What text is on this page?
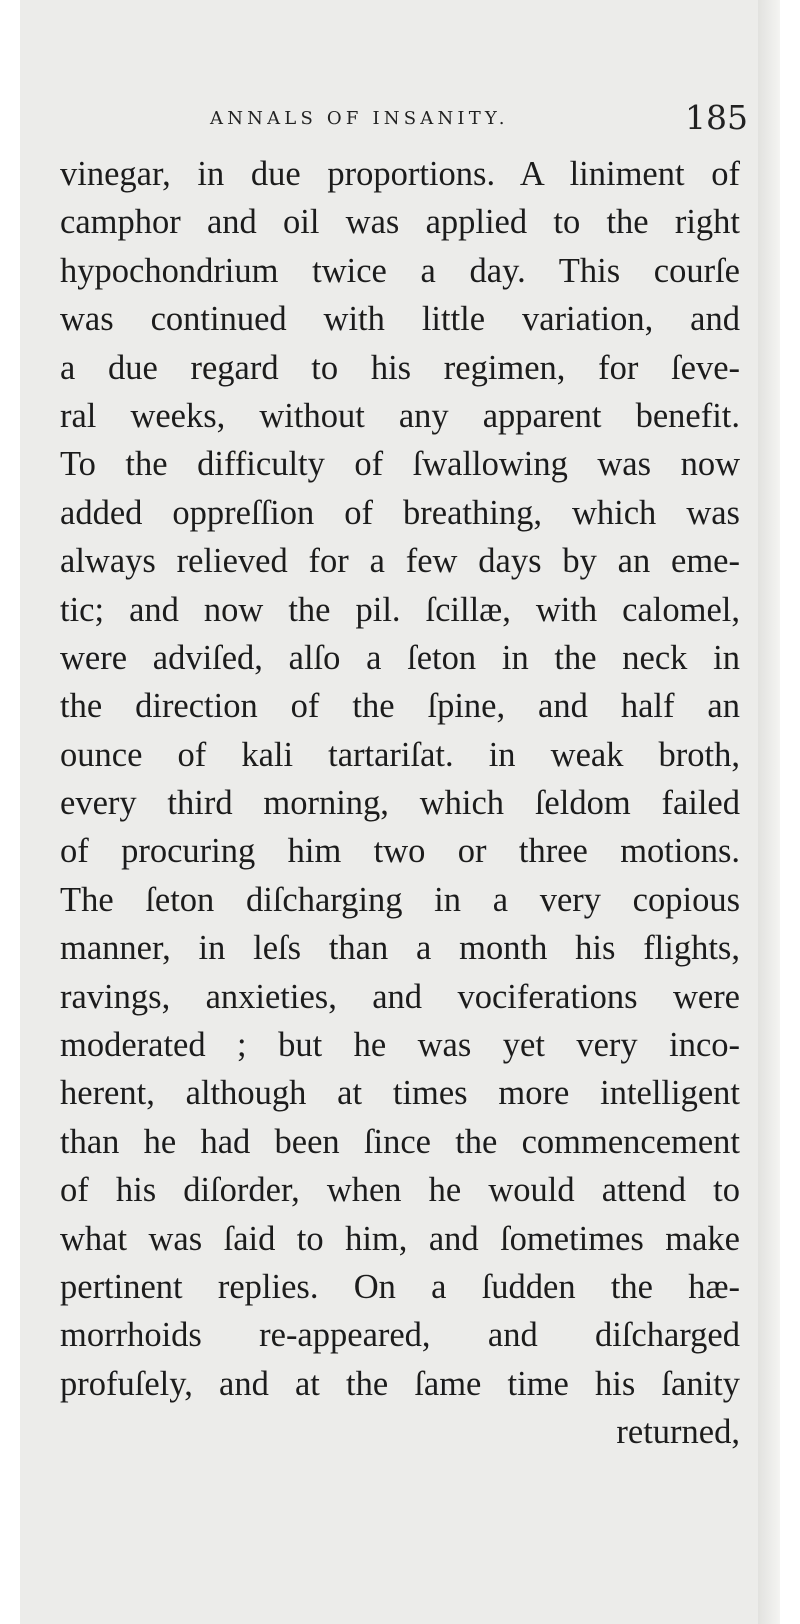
ANNALS OF INSANITY.	185
vinegar, in due proportions. A liniment of
camphor and oil was applied to the right
hypochondrium twice a day. This courſe
was continued with little variation, and
a due regard to his regimen, for ſeve-
ral weeks, without any apparent benefit.
To the difficulty of ſwallowing was now
added oppreſſion of breathing, which was
always relieved for a few days by an eme-
tic; and now the pil. ſcillæ, with calomel,
were adviſed, alſo a ſeton in the neck in
the direction of the ſpine, and half an
ounce of kali tartariſat. in weak broth,
every third morning, which ſeldom failed
of procuring him two or three motions.
The ſeton diſcharging in a very copious
manner, in leſs than a month his flights,
ravings, anxieties, and vociferations were
moderated ; but he was yet very inco-
herent, although at times more intelligent
than he had been ſince the commencement
of his diſorder, when he would attend to
what was ſaid to him, and ſometimes make
pertinent replies. On a ſudden the hæ-
morrhoids re-appeared, and diſcharged
profuſely, and at the ſame time his ſanity
returned,
